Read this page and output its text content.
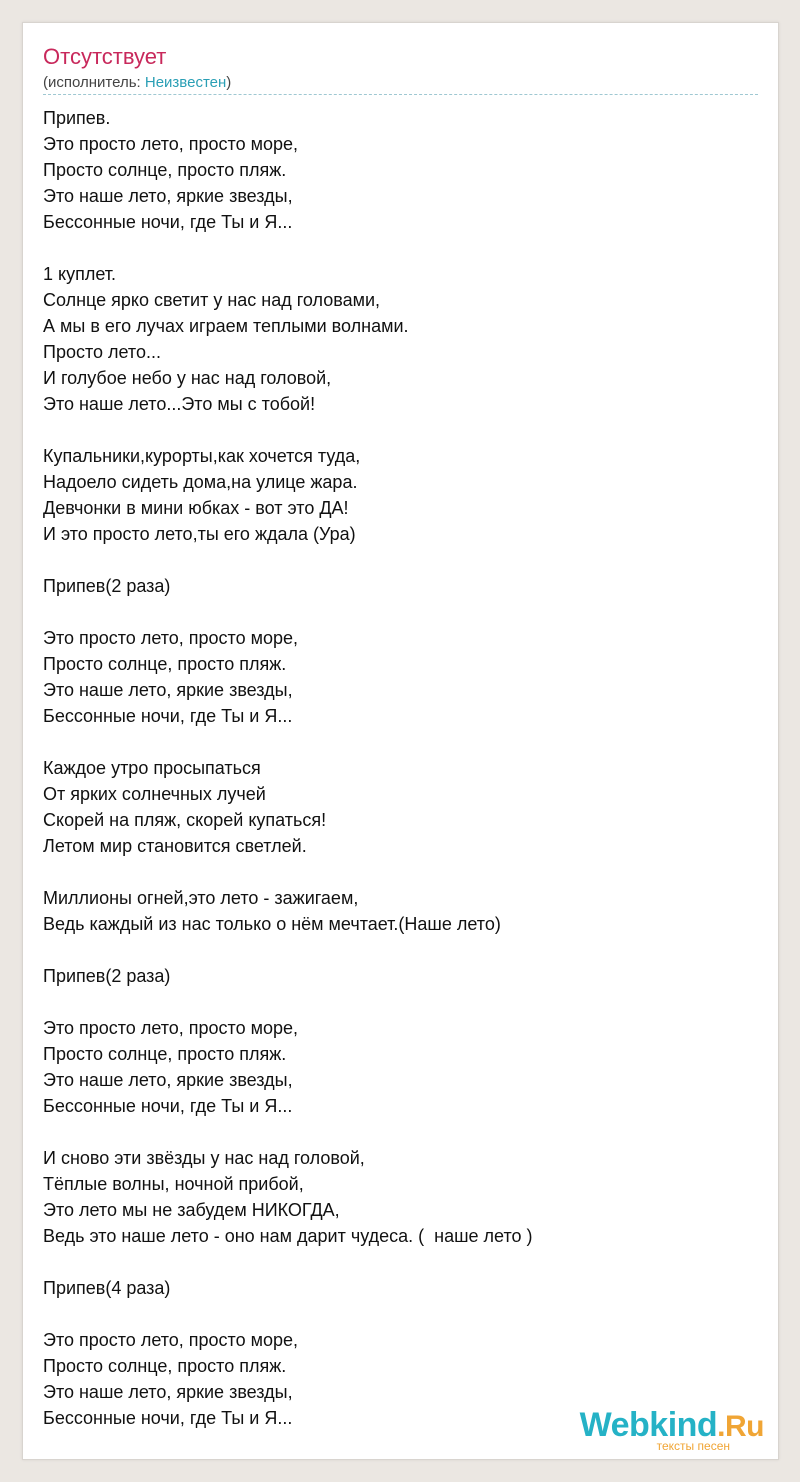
Отсутствует
(исполнитель: Неизвестен)
Припев.
Это просто лето, просто море,
Просто солнце, просто пляж.
Это наше лето, яркие звезды,
Бессонные ночи, где Ты и Я...
1 куплет.
Солнце ярко светит у нас над головами,
А мы в его лучах играем теплыми волнами.
Просто лето...
И голубое небо у нас над головой,
Это наше лето...Это мы с тобой!
Купальники,курорты,как хочется туда,
Надоело сидеть дома,на улице жара.
Девчонки в мини юбках - вот это ДА!
И это просто лето,ты его ждала (Ура)
Припев(2 раза)
Это просто лето, просто море,
Просто солнце, просто пляж.
Это наше лето, яркие звезды,
Бессонные ночи, где Ты и Я...
Каждое утро просыпаться
От ярких солнечных лучей
Скорей на пляж, скорей купаться!
Летом мир становится светлей.
Миллионы огней,это лето - зажигаем,
Ведь каждый из нас только о нём мечтает.(Наше лето)
Припев(2 раза)
Это просто лето, просто море,
Просто солнце, просто пляж.
Это наше лето, яркие звезды,
Бессонные ночи, где Ты и Я...
И сново эти звёзды у нас над головой,
Тёплые волны, ночной прибой,
Это лето мы не забудем НИКОГДА,
Ведь это наше лето - оно нам дарит чудеса. (  наше лето )
Припев(4 раза)
Это просто лето, просто море,
Просто солнце, просто пляж.
Это наше лето, яркие звезды,
Бессонные ночи, где Ты и Я...	Webkind.Ru
тексты песен
